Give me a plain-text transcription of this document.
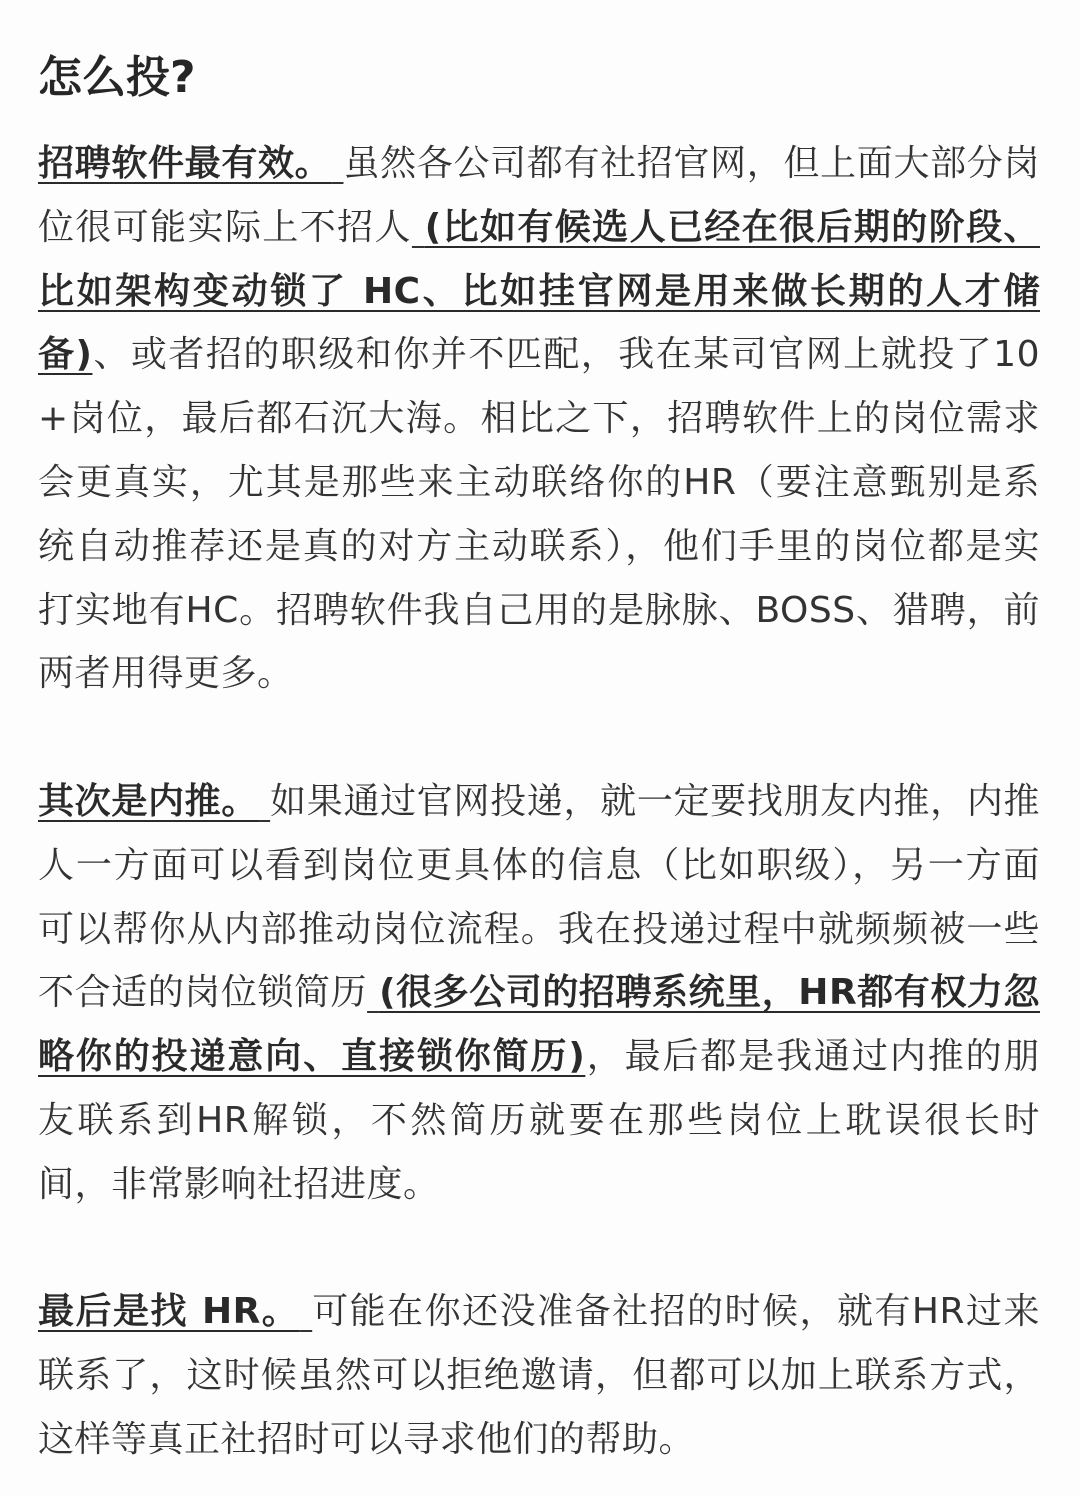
怎么投?

招聘软件最有效。 虽然各公司都有社招官网，但上面大部分岗位很可能实际上不招人 (比如有候选人已经在很后期的阶段、比如架构变动锁了 HC、比如挂官网是用来做长期的人才储备)、或者招的职级和你并不匹配，我在某司官网上就投了10+岗位，最后都石沉大海。相比之下，招聘软件上的岗位需求会更真实，尤其是那些来主动联络你的HR（要注意甄别是系统自动推荐还是真的对方主动联系），他们手里的岗位都是实打实地有HC。招聘软件我自己用的是脉脉、BOSS、猎聘，前两者用得更多。

其次是内推。 如果通过官网投递，就一定要找朋友内推，内推人一方面可以看到岗位更具体的信息（比如职级），另一方面可以帮你从内部推动岗位流程。我在投递过程中就频频被一些不合适的岗位锁简历 (很多公司的招聘系统里，HR都有权力忽略你的投递意向、直接锁你简历)，最后都是我通过内推的朋友联系到HR解锁，不然简历就要在那些岗位上耽误很长时间，非常影响社招进度。

最后是找 HR。 可能在你还没准备社招的时候，就有HR过来联系了，这时候虽然可以拒绝邀请，但都可以加上联系方式，这样等真正社招时可以寻求他们的帮助。
